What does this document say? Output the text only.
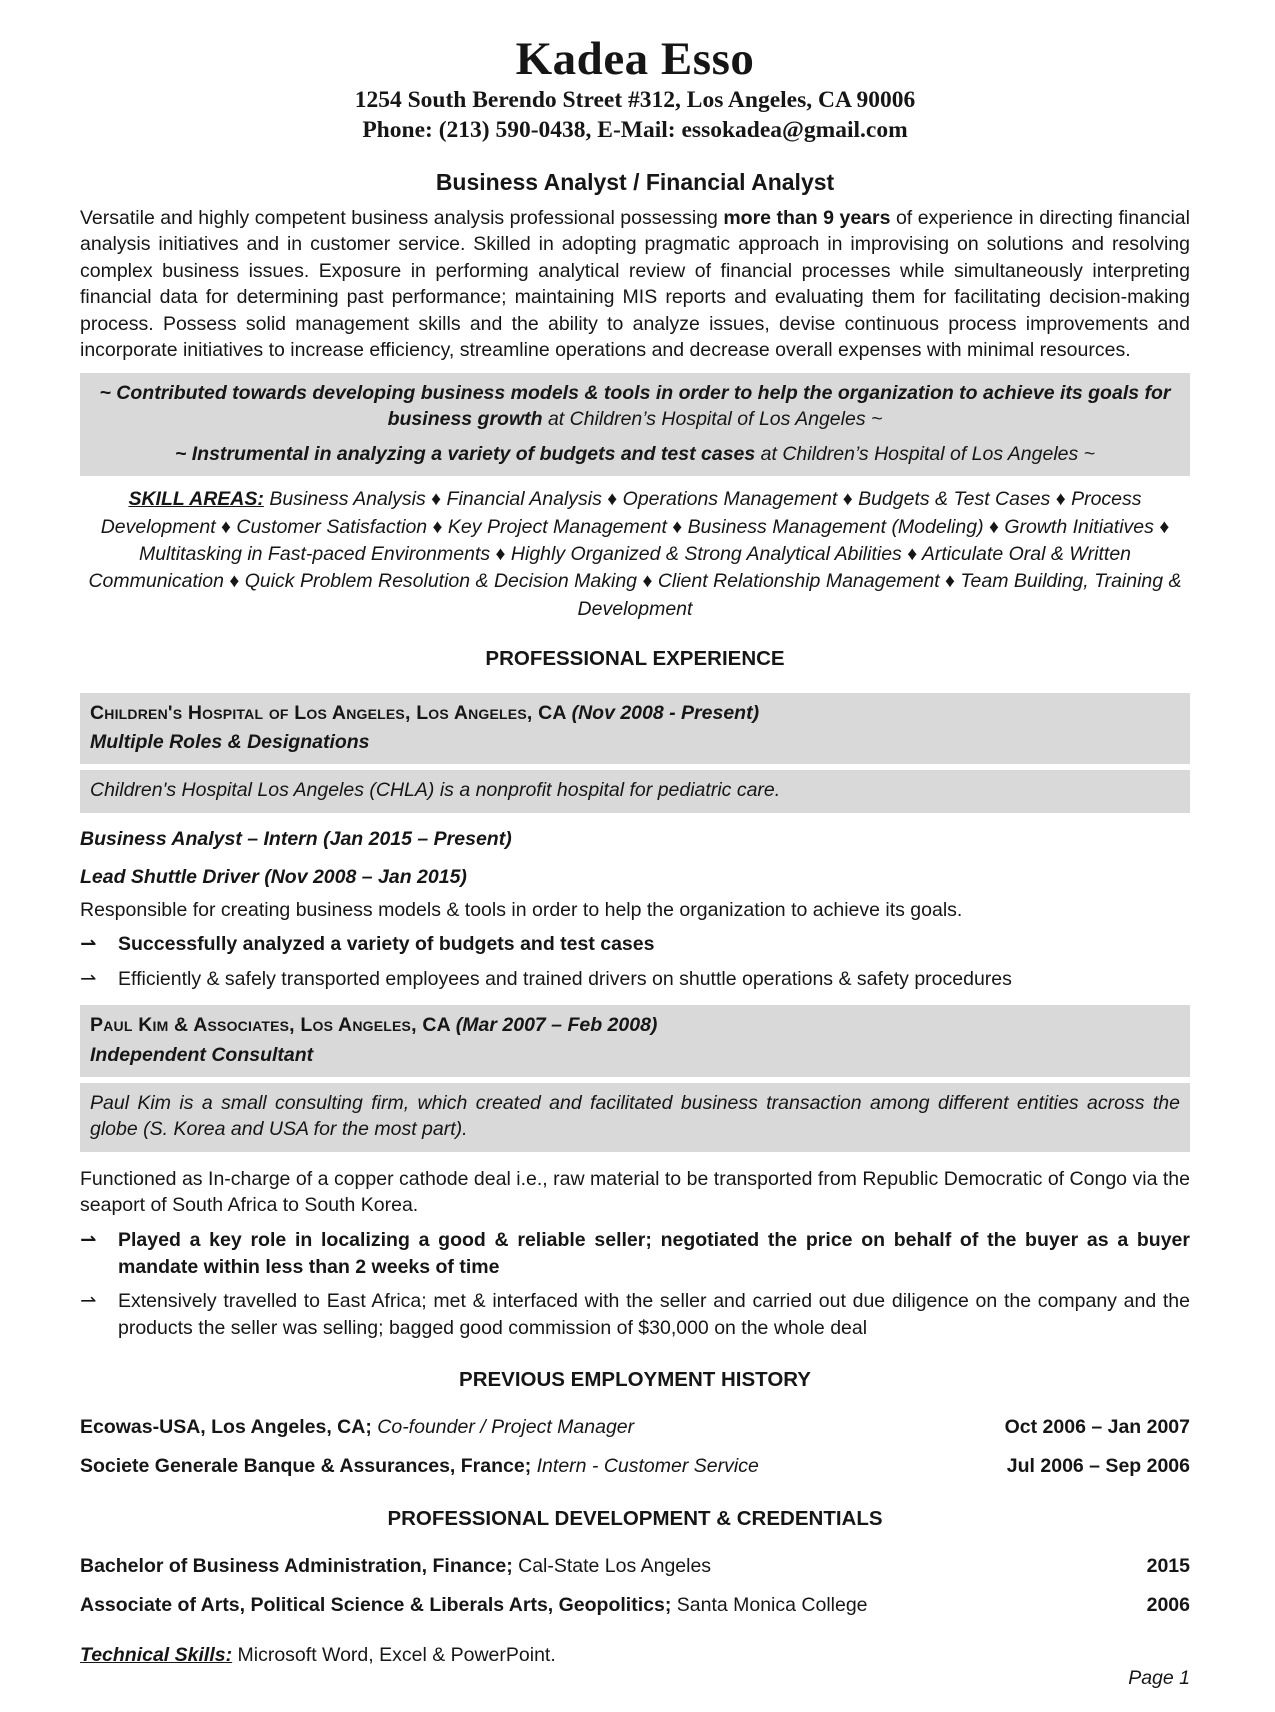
Kadea Esso
1254 South Berendo Street #312, Los Angeles, CA 90006
Phone: (213) 590-0438, E-Mail: essokadea@gmail.com
Business Analyst / Financial Analyst
Versatile and highly competent business analysis professional possessing more than 9 years of experience in directing financial analysis initiatives and in customer service. Skilled in adopting pragmatic approach in improvising on solutions and resolving complex business issues. Exposure in performing analytical review of financial processes while simultaneously interpreting financial data for determining past performance; maintaining MIS reports and evaluating them for facilitating decision-making process. Possess solid management skills and the ability to analyze issues, devise continuous process improvements and incorporate initiatives to increase efficiency, streamline operations and decrease overall expenses with minimal resources.
~ Contributed towards developing business models & tools in order to help the organization to achieve its goals for business growth at Children’s Hospital of Los Angeles ~
~ Instrumental in analyzing a variety of budgets and test cases at Children’s Hospital of Los Angeles ~
SKILL AREAS: Business Analysis ♦ Financial Analysis ♦ Operations Management ♦ Budgets & Test Cases ♦ Process Development ♦ Customer Satisfaction ♦ Key Project Management ♦ Business Management (Modeling) ♦ Growth Initiatives ♦ Multitasking in Fast-paced Environments ♦ Highly Organized & Strong Analytical Abilities ♦ Articulate Oral & Written Communication ♦ Quick Problem Resolution & Decision Making ♦ Client Relationship Management ♦ Team Building, Training & Development
PROFESSIONAL EXPERIENCE
Children's Hospital of Los Angeles, Los Angeles, CA (Nov 2008 - Present)
Multiple Roles & Designations
Children's Hospital Los Angeles (CHLA) is a nonprofit hospital for pediatric care.
Business Analyst – Intern (Jan 2015 – Present)
Lead Shuttle Driver (Nov 2008 – Jan 2015)
Responsible for creating business models & tools in order to help the organization to achieve its goals.
⇀	Successfully analyzed a variety of budgets and test cases
⇀	Efficiently & safely transported employees and trained drivers on shuttle operations & safety procedures
Paul Kim & Associates, Los Angeles, CA (Mar 2007 – Feb 2008)
Independent Consultant
Paul Kim is a small consulting firm, which created and facilitated business transaction among different entities across the globe (S. Korea and USA for the most part).
Functioned as In-charge of a copper cathode deal i.e., raw material to be transported from Republic Democratic of Congo via the seaport of South Africa to South Korea.
⇀	Played a key role in localizing a good & reliable seller; negotiated the price on behalf of the buyer as a buyer mandate within less than 2 weeks of time
⇀	Extensively travelled to East Africa; met & interfaced with the seller and carried out due diligence on the company and the products the seller was selling; bagged good commission of $30,000 on the whole deal
PREVIOUS EMPLOYMENT HISTORY
Ecowas-USA, Los Angeles, CA; Co-founder / Project Manager	Oct 2006 – Jan 2007
Societe Generale Banque & Assurances, France; Intern - Customer Service	Jul 2006 – Sep 2006
PROFESSIONAL DEVELOPMENT & CREDENTIALS
Bachelor of Business Administration, Finance; Cal-State Los Angeles	2015
Associate of Arts, Political Science & Liberals Arts, Geopolitics; Santa Monica College	2006
Technical Skills: Microsoft Word, Excel & PowerPoint.
Page 1
